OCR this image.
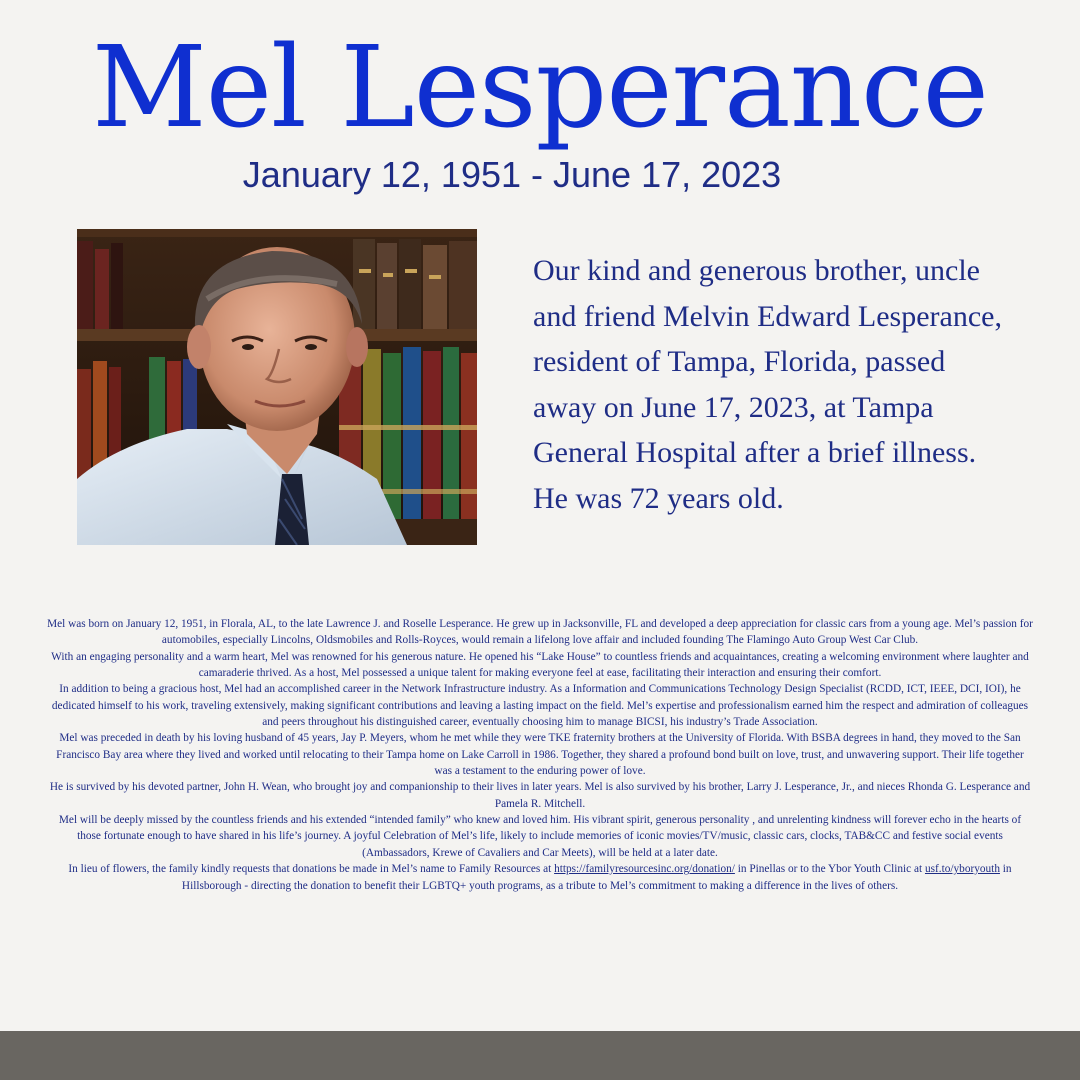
Mel Lesperance
January 12, 1951 - June 17, 2023
Our kind and generous brother, uncle and friend Melvin Edward Lesperance, resident of Tampa, Florida, passed away on June 17, 2023, at Tampa General Hospital after a brief illness. He was 72 years old.

Mel was born on January 12, 1951, in Florala, AL, to the late Lawrence J. and Roselle Lesperance. He grew up in Jacksonville, FL and developed a deep appreciation for classic cars from a young age. Mel’s passion for automobiles, especially Lincolns, Oldsmobiles and Rolls-Royces, would remain a lifelong love affair and included founding The Flamingo Auto Group West Car Club.

With an engaging personality and a warm heart, Mel was renowned for his generous nature. He opened his “Lake House” to countless friends and acquaintances, creating a welcoming environment where laughter and camaraderie thrived. As a host, Mel possessed a unique talent for making everyone feel at ease, facilitating their interaction and ensuring their comfort.

In addition to being a gracious host, Mel had an accomplished career in the Network Infrastructure industry. As a Information and Communications Technology Design Specialist (RCDD, ICT, IEEE, DCI, IOI), he dedicated himself to his work, traveling extensively, making significant contributions and leaving a lasting impact on the field. Mel’s expertise and professionalism earned him the respect and admiration of colleagues and peers throughout his distinguished career, eventually choosing him to manage BICSI, his industry’s Trade Association.

Mel was preceded in death by his loving husband of 45 years, Jay P. Meyers, whom he met while they were TKE fraternity brothers at the University of Florida. With BSBA degrees in hand, they moved to the San Francisco Bay area where they lived and worked until relocating to their Tampa home on Lake Carroll in 1986. Together, they shared a profound bond built on love, trust, and unwavering support. Their life together was a testament to the enduring power of love.

He is survived by his devoted partner, John H. Wean, who brought joy and companionship to their lives in later years. Mel is also survived by his brother, Larry J. Lesperance, Jr., and nieces Rhonda G. Lesperance and Pamela R. Mitchell.

Mel will be deeply missed by the countless friends and his extended “intended family” who knew and loved him. His vibrant spirit, generous personality , and unrelenting kindness will forever echo in the hearts of those fortunate enough to have shared in his life’s journey. A joyful Celebration of Mel’s life, likely to include memories of iconic movies/TV/music, classic cars, clocks, TAB&CC and festive social events (Ambassadors, Krewe of Cavaliers and Car Meets), will be held at a later date.

In lieu of flowers, the family kindly requests that donations be made in Mel’s name to Family Resources at https://familyresourcesinc.org/donation/ in Pinellas or to the Ybor Youth Clinic at usf.to/yboryouth in Hillsborough - directing the donation to benefit their LGBTQ+ youth programs, as a tribute to Mel’s commitment to making a difference in the lives of others.
